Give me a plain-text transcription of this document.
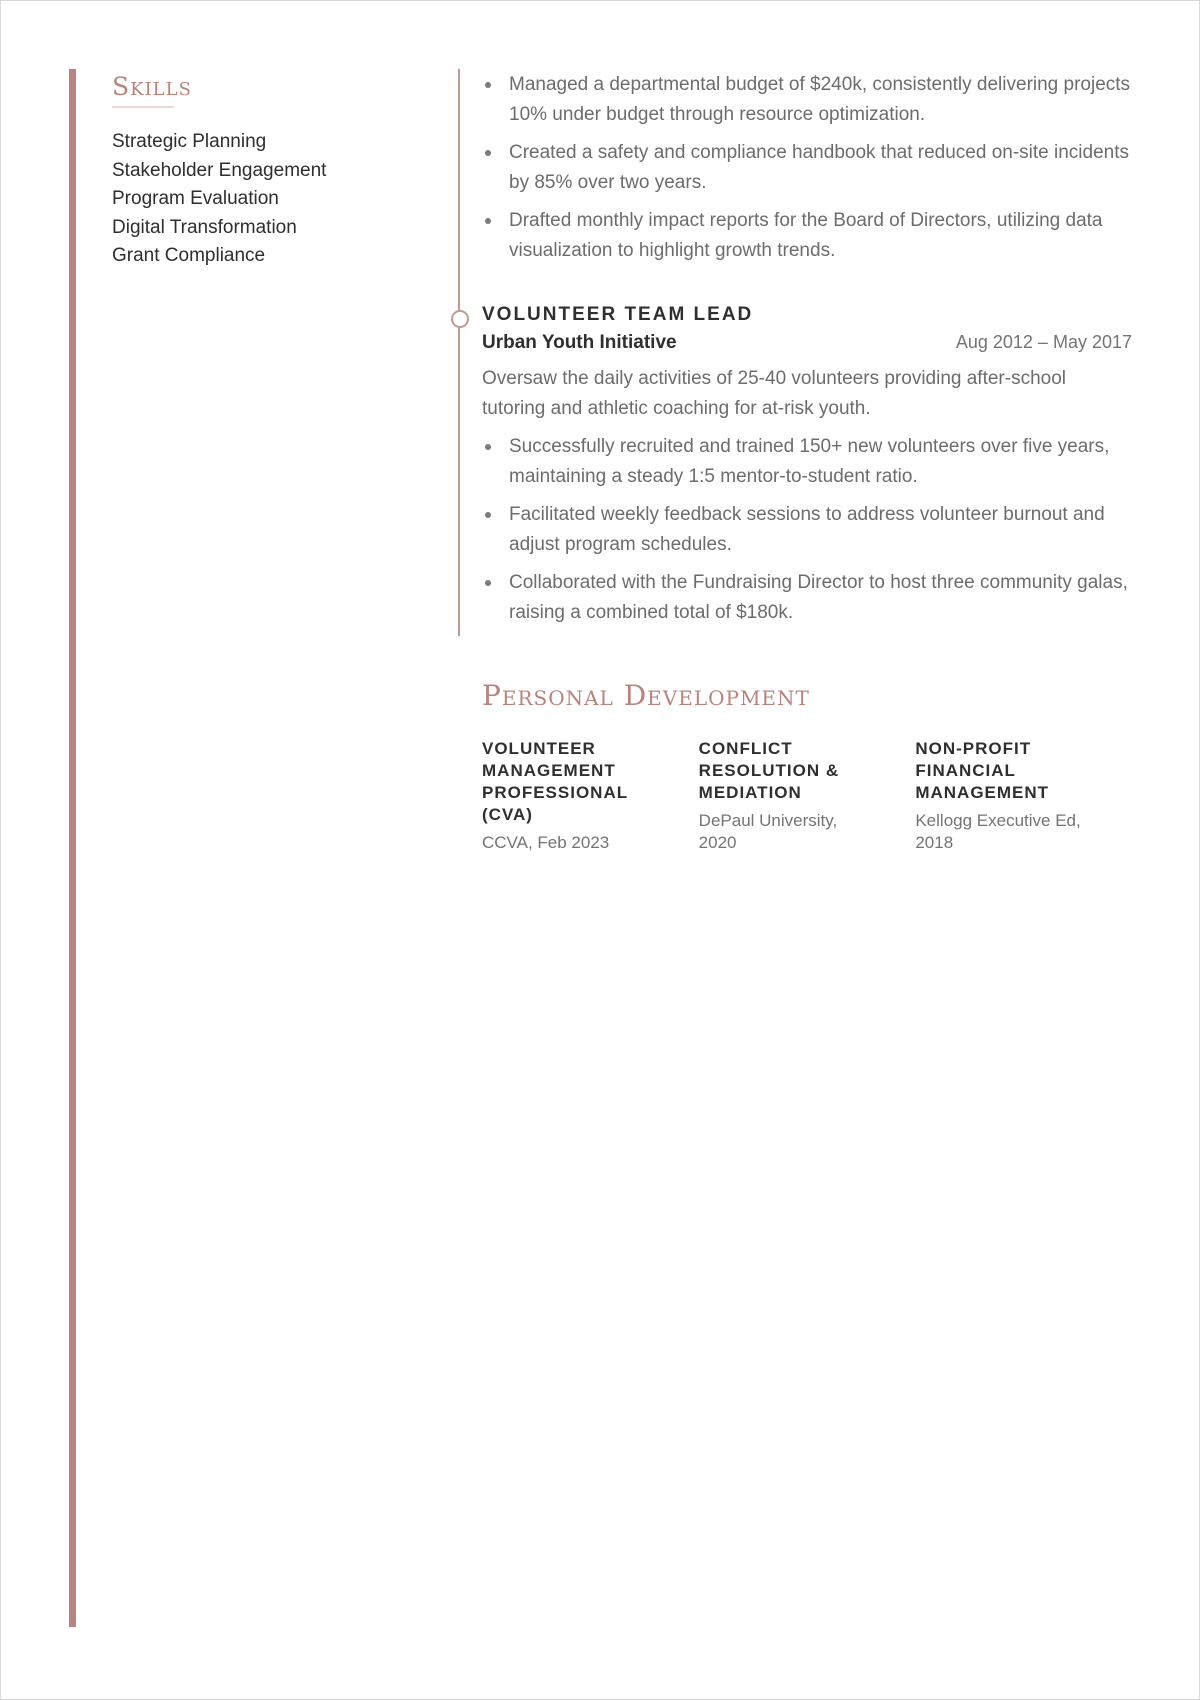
Skills
Strategic Planning
Stakeholder Engagement
Program Evaluation
Digital Transformation
Grant Compliance
Managed a departmental budget of $240k, consistently delivering projects 10% under budget through resource optimization.
Created a safety and compliance handbook that reduced on-site incidents by 85% over two years.
Drafted monthly impact reports for the Board of Directors, utilizing data visualization to highlight growth trends.
VOLUNTEER TEAM LEAD
Urban Youth Initiative	Aug 2012 – May 2017

Oversaw the daily activities of 25-40 volunteers providing after-school tutoring and athletic coaching for at-risk youth.

Successfully recruited and trained 150+ new volunteers over five years, maintaining a steady 1:5 mentor-to-student ratio.
Facilitated weekly feedback sessions to address volunteer burnout and adjust program schedules.
Collaborated with the Fundraising Director to host three community galas, raising a combined total of $180k.
Personal Development
VOLUNTEER MANAGEMENT PROFESSIONAL (CVA)
CCVA, Feb 2023
CONFLICT RESOLUTION & MEDIATION
DePaul University, 2020
NON-PROFIT FINANCIAL MANAGEMENT
Kellogg Executive Ed, 2018
